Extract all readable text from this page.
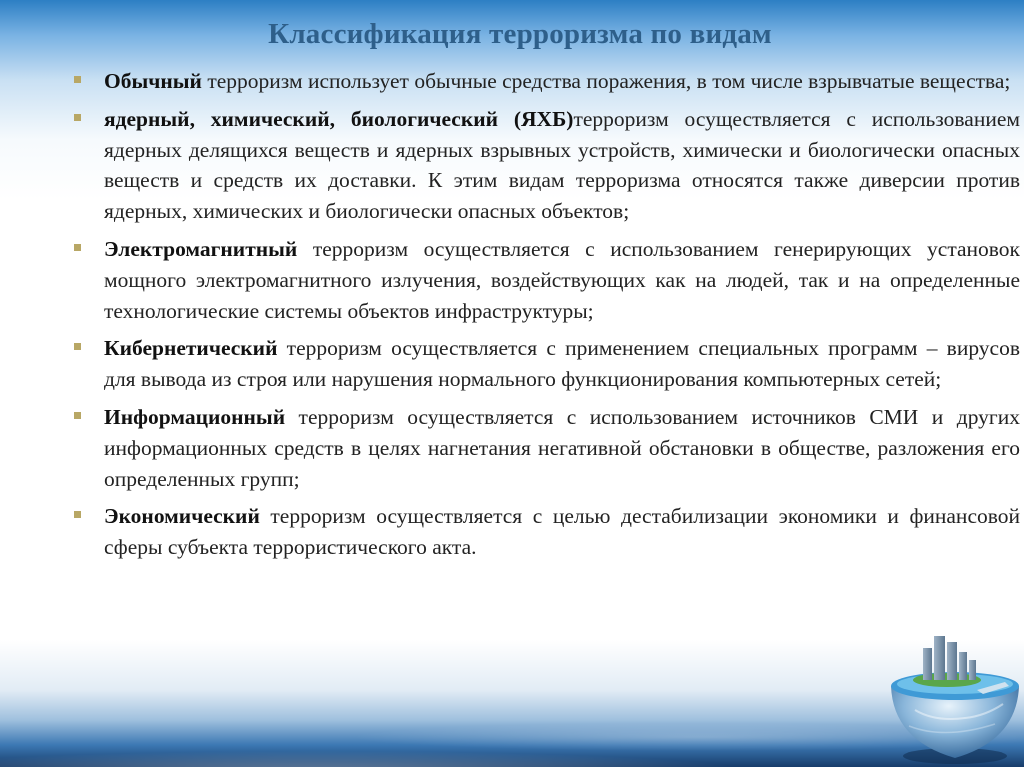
Классификация терроризма по видам
Обычный терроризм использует обычные средства поражения, в том числе взрывчатые вещества;
ядерный, химический, биологический (ЯХБ)терроризм осуществляется с использованием ядерных делящихся веществ и ядерных взрывных устройств, химически и биологически опасных веществ и средств их доставки. К этим видам терроризма относятся также диверсии против ядерных, химических и биологически опасных объектов;
Электромагнитный терроризм осуществляется с использованием генерирующих установок мощного электромагнитного излучения, воздействующих как на людей, так и на определенные технологические системы объектов инфраструктуры;
Кибернетический терроризм осуществляется с применением специальных программ – вирусов для вывода из строя или нарушения нормального функционирования компьютерных сетей;
Информационный терроризм осуществляется с использованием источников СМИ и других информационных средств в целях нагнетания негативной обстановки в обществе, разложения его определенных групп;
Экономический терроризм осуществляется с целью дестабилизации экономики и финансовой сферы субъекта террористического акта.
